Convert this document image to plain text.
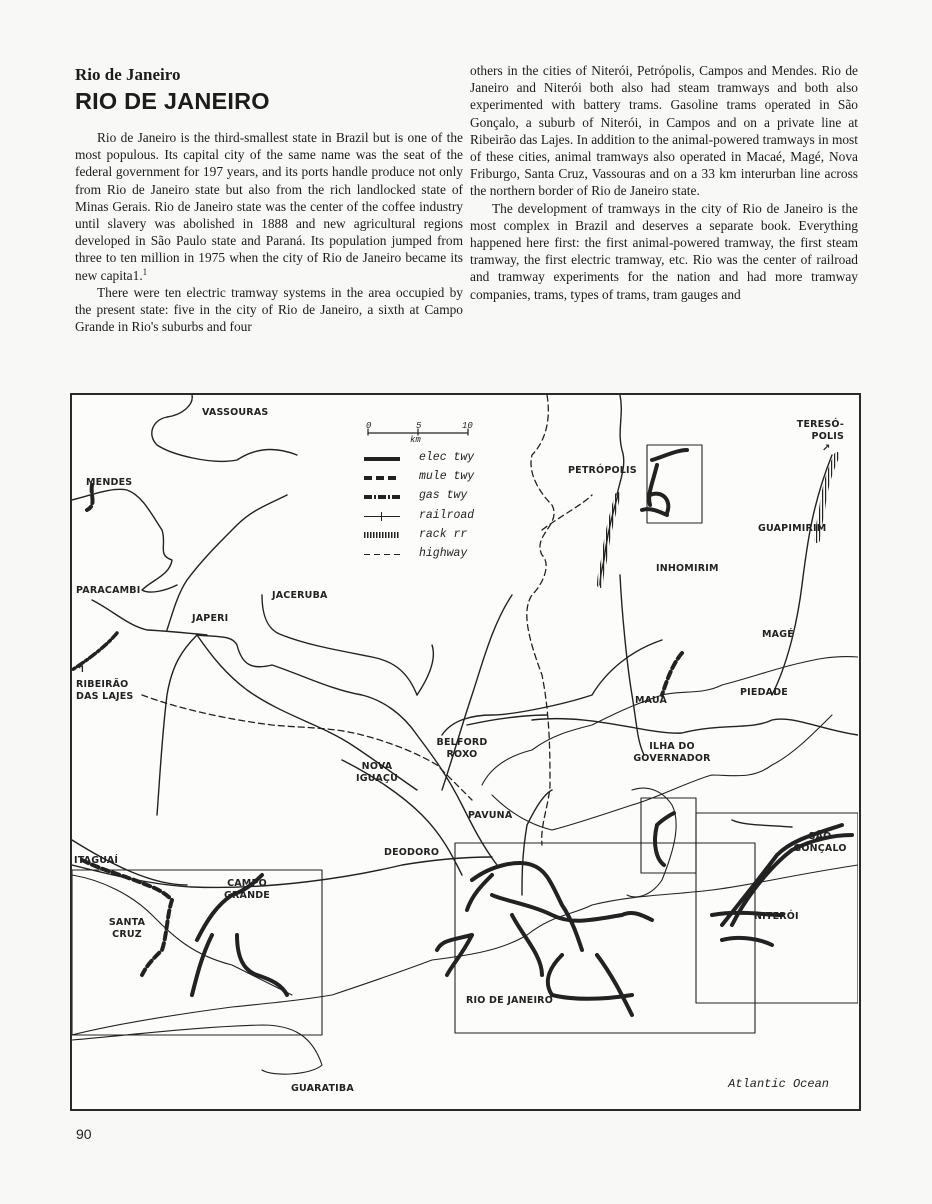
Rio de Janeiro
RIO DE JANEIRO

Rio de Janeiro is the third-smallest state in Brazil but is one of the most populous. Its capital city of the same name was the seat of the federal government for 197 years, and its ports handle produce not only from Rio de Janeiro state but also from the rich landlocked state of Minas Gerais. Rio de Janeiro state was the center of the coffee industry until slavery was abolished in 1888 and new agricultural regions developed in São Paulo state and Paraná. Its population jumped from three to ten million in 1975 when the city of Rio de Janeiro became its new capita1.$^1$

There were ten electric tramway systems in the area occupied by the present state: five in the city of Rio de Janeiro, a sixth at Campo Grande in Rio's suburbs and four

others in the cities of Niterói, Petrópolis, Campos and Mendes. Rio de Janeiro and Niterói both also had steam tramways and both also experimented with battery trams. Gasoline trams operated in São Gonçalo, a suburb of Niterói, in Campos and on a private line at Ribeirão das Lajes. In addition to the animal-powered tramways in most of these cities, animal tramways also operated in Macaé, Magé, Nova Friburgo, Santa Cruz, Vassouras and on a 33 km interurban line across the northern border of Rio de Janeiro state.

The development of tramways in the city of Rio de Janeiro is the most complex in Brazil and deserves a separate book. Everything happened here first: the first animal-powered tramway, the first steam tramway, the first electric tramway, etc. Rio was the center of railroad and tramway experiments for the nation and had more tramway companies, trams, types of trams, tram gauges and

0	5	10
km
elec twy
mule twy
gas twy
railroad
rack rr
highway
VASSOURAS
MENDES
PARACAMBI	JACERUBA
JAPERI
↰
RIBEIRÃO
DAS LAJES
PETRÓPOLIS
TERESÓ-
POLIS
↗
GUAPIMIRIM
INHOMIRIM
MAGÉ
PIEDADE
MAUÁ
BELFORD
ROXO
NOVA
IGUAÇU
ILHA DO
GOVERNADOR
PAVUNA
DEODORO
SÃO
GONÇALO
ITAGUAÍ
CAMPO
GRANDE
SANTA
CRUZ
NITERÓI
RIO DE JANEIRO
GUARATIBA	Atlantic Ocean
90
